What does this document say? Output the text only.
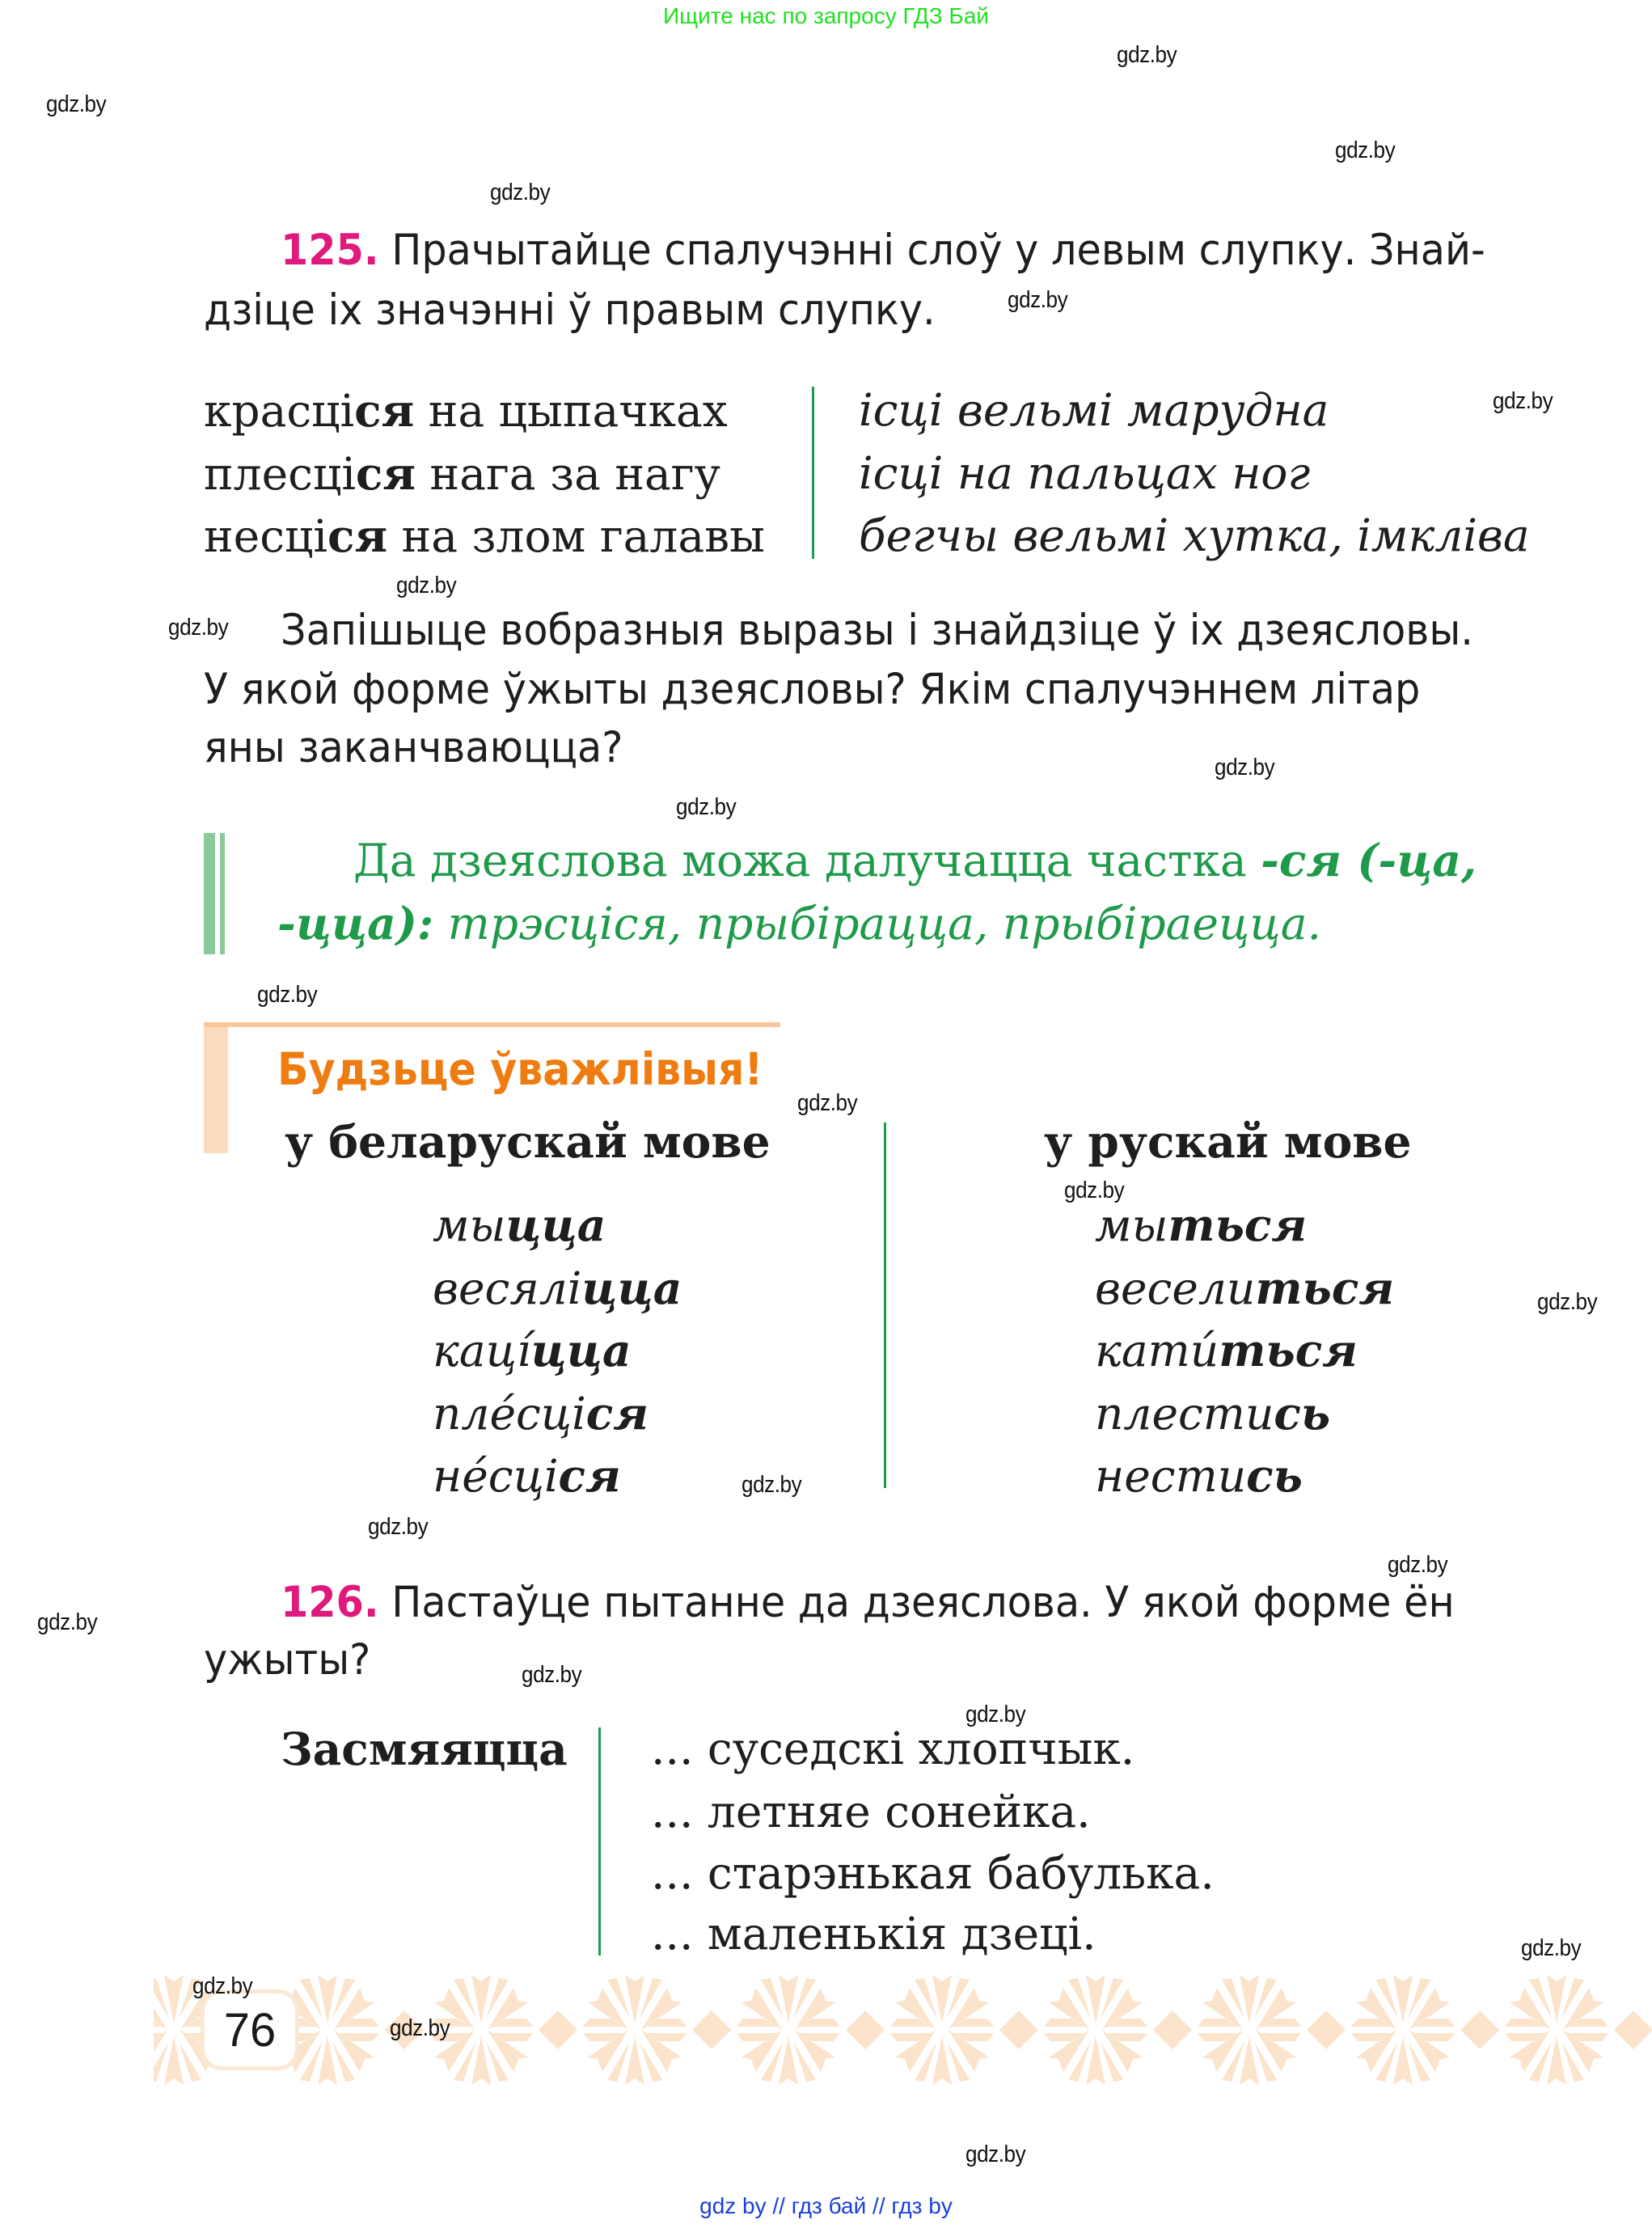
Ищите нас по запросу ГДЗ Бай
gdz.by
gdz.by
gdz.by
gdz.by
gdz.by
gdz.by
gdz.by
gdz.by
gdz.by
gdz.by
gdz.by
gdz.by
gdz.by
gdz.by
gdz.by
gdz.by
gdz.by
gdz.by
gdz.by
gdz.by
gdz.by
gdz.by
gdz.by
gdz.by
125. Прачытайце спалучэнні слоў у левым слупку. Знай-
дзіце іх значэнні ў правым слупку.
красціся на цыпачках
плесціся нага за нагу
несціся на злом галавы
ісці вельмі марудна
ісці на пальцах ног
бегчы вельмі хутка, імкліва
Запішыце вобразныя выразы і знайдзіце ў іх дзеясловы.
У якой форме ўжыты дзеясловы? Якім спалучэннем літар
яны заканчваюцца?
Да дзеяслова можа далучацца часткa -ся (-ца,
-цца): трэсціся, прыбірацца, прыбіраецца.
Будзьце ўважлівыя!
у беларускай мове	у рускай мове
мыцца
весяліцца
каці́цца
пле́сціся
не́сціся
мыться
веселиться
кати́ться
плестись
нестись
126. Пастаўце пытанне да дзеяслова. У якой форме ён
ужыты?
Засмяяцца ... суседскі хлопчык.
... летняе сонейка.
... старэнькая бабулька.
... маленькія дзеці.
76
gdz by // гдз бай // гдз by
